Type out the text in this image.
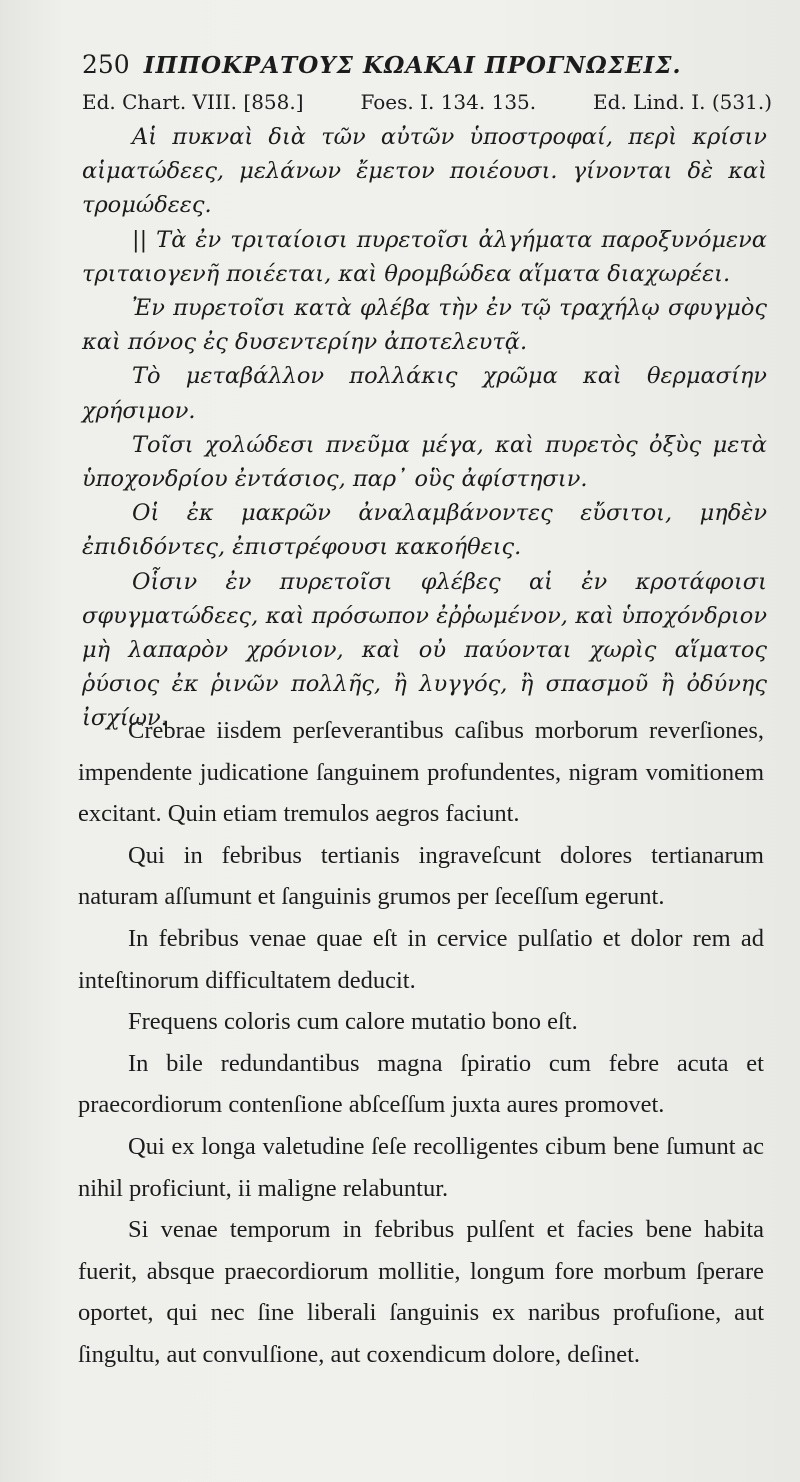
250 ΙΠΠΟΚΡΑΤΟΥΣ ΚΩΑΚΑΙ ΠΡΟΓΝΩΣΕΙΣ.
Ed. Chart. VIII. [858.]	Foes. I. 134. 135.	Ed. Lind. I. (531.)

Αἱ πυκναὶ διὰ τῶν αὐτῶν ὑποστροφαί, περὶ κρίσιν αἱματώδεες, μελάνων ἔμετον ποιέουσι. γίνονται δὲ καὶ τρομώδεες.

|| Τὰ ἐν τριταίοισι πυρετοῖσι ἀλγήματα παροξυνόμενα τριταιογενῆ ποιέεται, καὶ θρομβώδεα αἵματα διαχωρέει.

Ἐν πυρετοῖσι κατὰ φλέβα τὴν ἐν τῷ τραχήλῳ σφυγμὸς καὶ πόνος ἐς δυσεντερίην ἀποτελευτᾷ.

Τὸ μεταβάλλον πολλάκις χρῶμα καὶ θερμασίην χρήσιμον.

Τοῖσι χολώδεσι πνεῦμα μέγα, καὶ πυρετὸς ὀξὺς μετὰ ὑποχονδρίου ἐντάσιος, παρ᾽ οὓς ἀφίστησιν.

Οἱ ἐκ μακρῶν ἀναλαμβάνοντες εὔσιτοι, μηδὲν ἐπιδιδόντες, ἐπιστρέφουσι κακοήθεις.

Οἷσιν ἐν πυρετοῖσι φλέβες αἱ ἐν κροτάφοισι σφυγματώδεες, καὶ πρόσωπον ἐῤῥωμένον, καὶ ὑποχόνδριον μὴ λαπαρὸν χρόνιον, καὶ οὐ παύονται χωρὶς αἵματος ῥύσιος ἐκ ῥινῶν πολλῆς, ἢ λυγγός, ἢ σπασμοῦ ἢ ὀδύνης ἰσχίων.

Crebrae iisdem perſeverantibus caſibus morborum reverſiones, impendente judicatione ſanguinem profundentes, nigram vomitionem excitant. Quin etiam tremulos aegros faciunt.

Qui in febribus tertianis ingraveſcunt dolores tertianarum naturam aſſumunt et ſanguinis grumos per ſeceſſum egerunt.

In febribus venae quae eſt in cervice pulſatio et dolor rem ad inteſtinorum difficultatem deducit.

Frequens coloris cum calore mutatio bono eſt.

In bile redundantibus magna ſpiratio cum febre acuta et praecordiorum contenſione abſceſſum juxta aures promovet.

Qui ex longa valetudine ſeſe recolligentes cibum bene ſumunt ac nihil proficiunt, ii maligne relabuntur.

Si venae temporum in febribus pulſent et facies bene habita fuerit, absque praecordiorum mollitie, longum fore morbum ſperare oportet, qui nec ſine liberali ſanguinis ex naribus profuſione, aut ſingultu, aut convulſione, aut coxendicum dolore, deſinet.
